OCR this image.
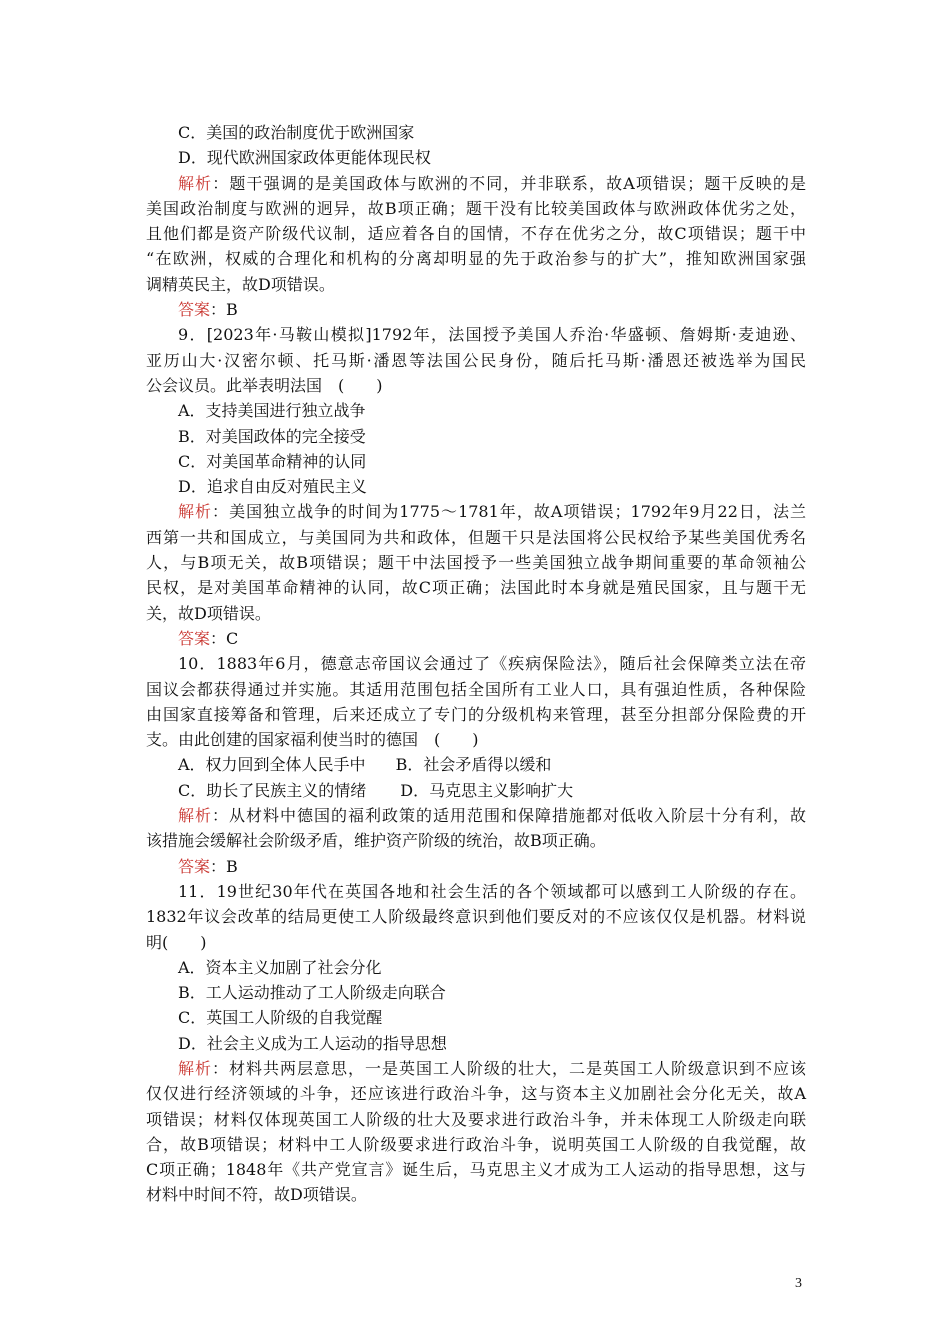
C．美国的政治制度优于欧洲国家
D．现代欧洲国家政体更能体现民权
解析：题干强调的是美国政体与欧洲的不同，并非联系，故A项错误；题干反映的是
美国政治制度与欧洲的迥异，故B项正确；题干没有比较美国政体与欧洲政体优劣之处，
且他们都是资产阶级代议制，适应着各自的国情，不存在优劣之分，故C项错误；题干中
“在欧洲，权威的合理化和机构的分离却明显的先于政治参与的扩大”，推知欧洲国家强
调精英民主，故D项错误。
答案：B
9．[2023年·马鞍山模拟]1792年，法国授予美国人乔治·华盛顿、詹姆斯·麦迪逊、
亚历山大·汉密尔顿、托马斯·潘恩等法国公民身份，随后托马斯·潘恩还被选举为国民
公会议员。此举表明法国　(　　)
A．支持美国进行独立战争
B．对美国政体的完全接受
C．对美国革命精神的认同
D．追求自由反对殖民主义
解析：美国独立战争的时间为1775～1781年，故A项错误；1792年9月22日，法兰
西第一共和国成立，与美国同为共和政体，但题干只是法国将公民权给予某些美国优秀名
人，与B项无关，故B项错误；题干中法国授予一些美国独立战争期间重要的革命领袖公
民权，是对美国革命精神的认同，故C项正确；法国此时本身就是殖民国家，且与题干无
关，故D项错误。
答案：C
10．1883年6月，德意志帝国议会通过了《疾病保险法》，随后社会保障类立法在帝
国议会都获得通过并实施。其适用范围包括全国所有工业人口，具有强迫性质，各种保险
由国家直接筹备和管理，后来还成立了专门的分级机构来管理，甚至分担部分保险费的开
支。由此创建的国家福利使当时的德国　(　　)
A．权力回到全体人民手中 B．社会矛盾得以缓和
C．助长了民族主义的情绪 D．马克思主义影响扩大
解析：从材料中德国的福利政策的适用范围和保障措施都对低收入阶层十分有利，故
该措施会缓解社会阶级矛盾，维护资产阶级的统治，故B项正确。
答案：B
11．19世纪30年代在英国各地和社会生活的各个领域都可以感到工人阶级的存在。
1832年议会改革的结局更使工人阶级最终意识到他们要反对的不应该仅仅是机器。材料说
明(　　)
A．资本主义加剧了社会分化
B．工人运动推动了工人阶级走向联合
C．英国工人阶级的自我觉醒
D．社会主义成为工人运动的指导思想
解析：材料共两层意思，一是英国工人阶级的壮大，二是英国工人阶级意识到不应该
仅仅进行经济领域的斗争，还应该进行政治斗争，这与资本主义加剧社会分化无关，故A
项错误；材料仅体现英国工人阶级的壮大及要求进行政治斗争，并未体现工人阶级走向联
合，故B项错误；材料中工人阶级要求进行政治斗争，说明英国工人阶级的自我觉醒，故
C项正确；1848年《共产党宣言》诞生后，马克思主义才成为工人运动的指导思想，这与
材料中时间不符，故D项错误。
3
